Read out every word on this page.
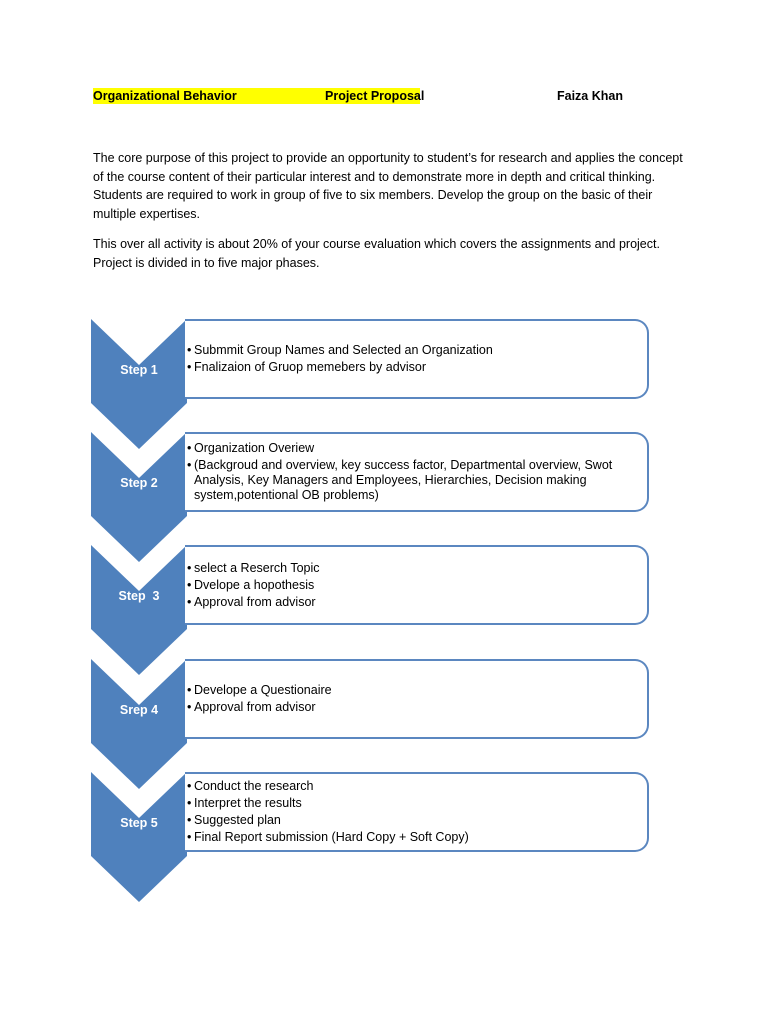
Organizational Behavior	Project Proposal	Faiza Khan

The core purpose of this project to provide an opportunity to student’s for research and applies the concept of the course content of their particular interest and to demonstrate more in depth and critical thinking. Students are required to work in group of five to six members. Develop the group on the basic of their multiple expertises.

This over all activity is about 20% of your course evaluation which covers the assignments and project. Project is divided in to five major phases.

Step 1
• Submmit Group Names and Selected an Organization
• Fnalizaion of Gruop memebers by advisor
Step 2
• Organization Overiew
• (Backgroud and overview, key success factor, Departmental overview, Swot Analysis, Key Managers and Employees, Hierarchies, Decision making system,potentional OB problems)
Step  3
• select a Reserch Topic
• Dvelope a hopothesis
• Approval from advisor
Srep 4
• Develope a Questionaire
• Approval from advisor
Step 5
• Conduct the research
• Interpret the results
• Suggested plan
• Final Report submission (Hard Copy + Soft Copy)
